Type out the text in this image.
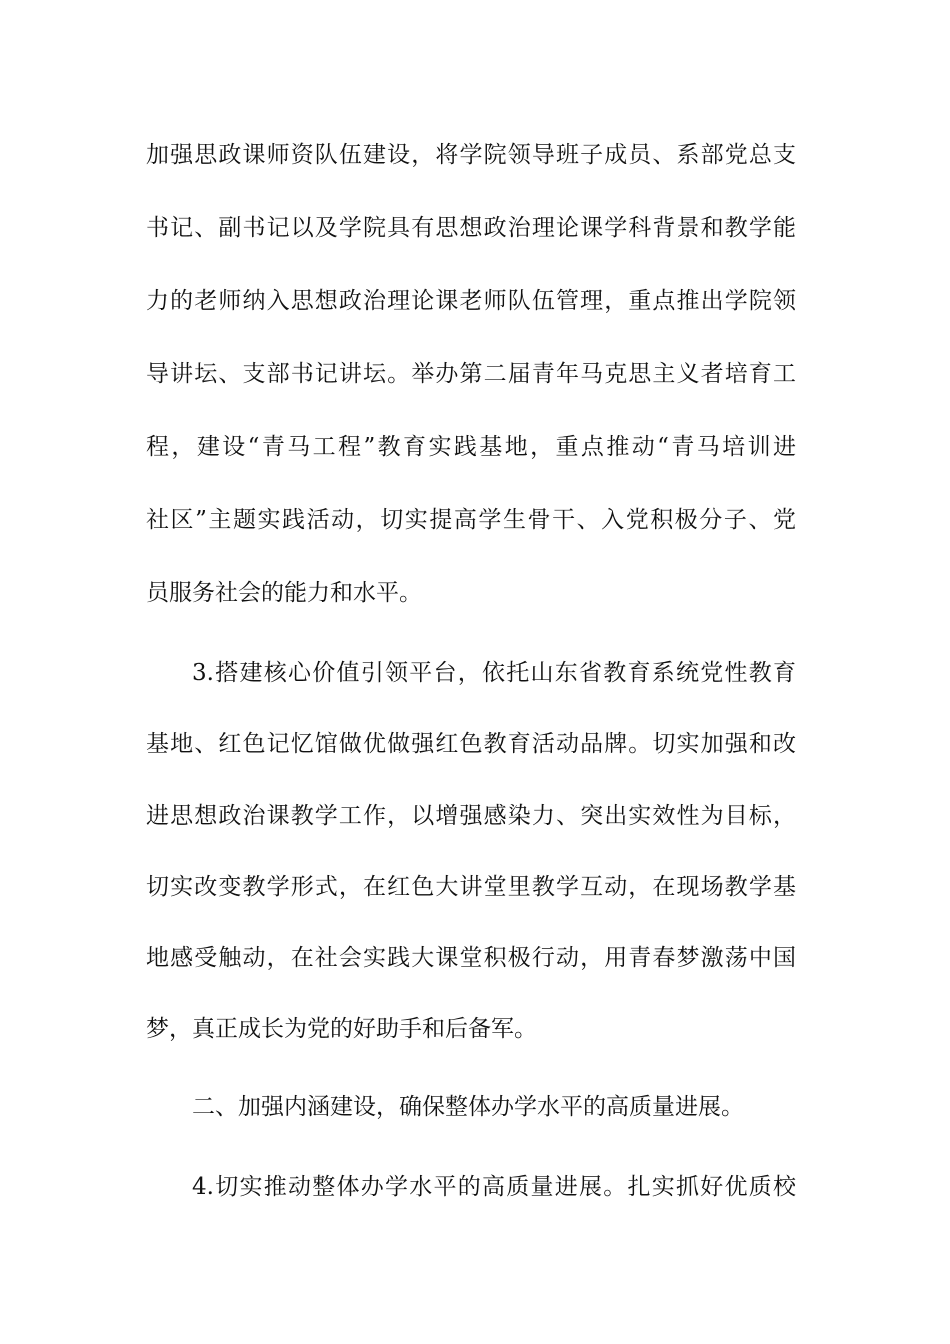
加强思政课师资队伍建设，将学院领导班子成员、系部党总支
书记、副书记以及学院具有思想政治理论课学科背景和教学能
力的老师纳入思想政治理论课老师队伍管理，重点推出学院领
导讲坛、支部书记讲坛。举办第二届青年马克思主义者培育工
程，建设“青马工程”教育实践基地，重点推动“青马培训进
社区”主题实践活动，切实提高学生骨干、入党积极分子、党
员服务社会的能力和水平。
3.搭建核心价值引领平台，依托山东省教育系统党性教育
基地、红色记忆馆做优做强红色教育活动品牌。切实加强和改
进思想政治课教学工作，以增强感染力、突出实效性为目标，
切实改变教学形式，在红色大讲堂里教学互动，在现场教学基
地感受触动，在社会实践大课堂积极行动，用青春梦激荡中国
梦，真正成长为党的好助手和后备军。
二、加强内涵建设，确保整体办学水平的高质量进展。
4.切实推动整体办学水平的高质量进展。扎实抓好优质校
